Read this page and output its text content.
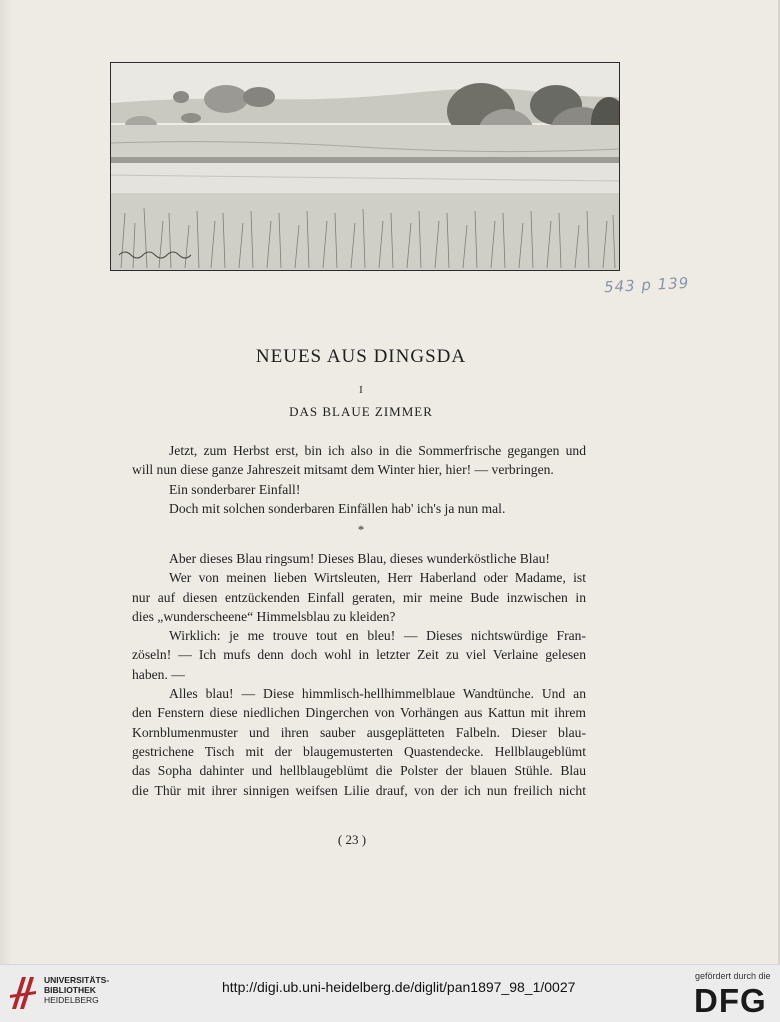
543 p 139
NEUES AUS DINGSDA
I
DAS BLAUE ZIMMER

Jetzt, zum Herbst erst, bin ich also in die Sommerfrische gegangen und

will nun diese ganze Jahreszeit mitsamt dem Winter hier, hier! — verbringen.

Ein sonderbarer Einfall!

Doch mit solchen sonderbaren Einfällen hab' ich's ja nun mal.

*

Aber dieses Blau ringsum! Dieses Blau, dieses wunderköstliche Blau!

Wer von meinen lieben Wirtsleuten, Herr Haberland oder Madame, ist

nur auf diesen entzückenden Einfall geraten, mir meine Bude inzwischen in

dies „wunderscheene“ Himmelsblau zu kleiden?

Wirklich: je me trouve tout en bleu! — Dieses nichtswürdige Fran-

zöseln! — Ich mufs denn doch wohl in letzter Zeit zu viel Verlaine gelesen

haben. —

Alles blau! — Diese himmlisch-hellhimmelblaue Wandtünche. Und an

den Fenstern diese niedlichen Dingerchen von Vorhängen aus Kattun mit ihrem

Kornblumenmuster und ihren sauber ausgeplätteten Falbeln. Dieser blau-

gestrichene Tisch mit der blaugemusterten Quastendecke. Hellblaugeblümt

das Sopha dahinter und hellblaugeblümt die Polster der blauen Stühle. Blau

die Thür mit ihrer sinnigen weifsen Lilie drauf, von der ich nun freilich nicht

( 23 )
UNIVERSITÄTS-
BIBLIOTHEK
HEIDELBERG
http://digi.ub.uni-heidelberg.de/diglit/pan1897_98_1/0027
gefördert durch die
DFG
